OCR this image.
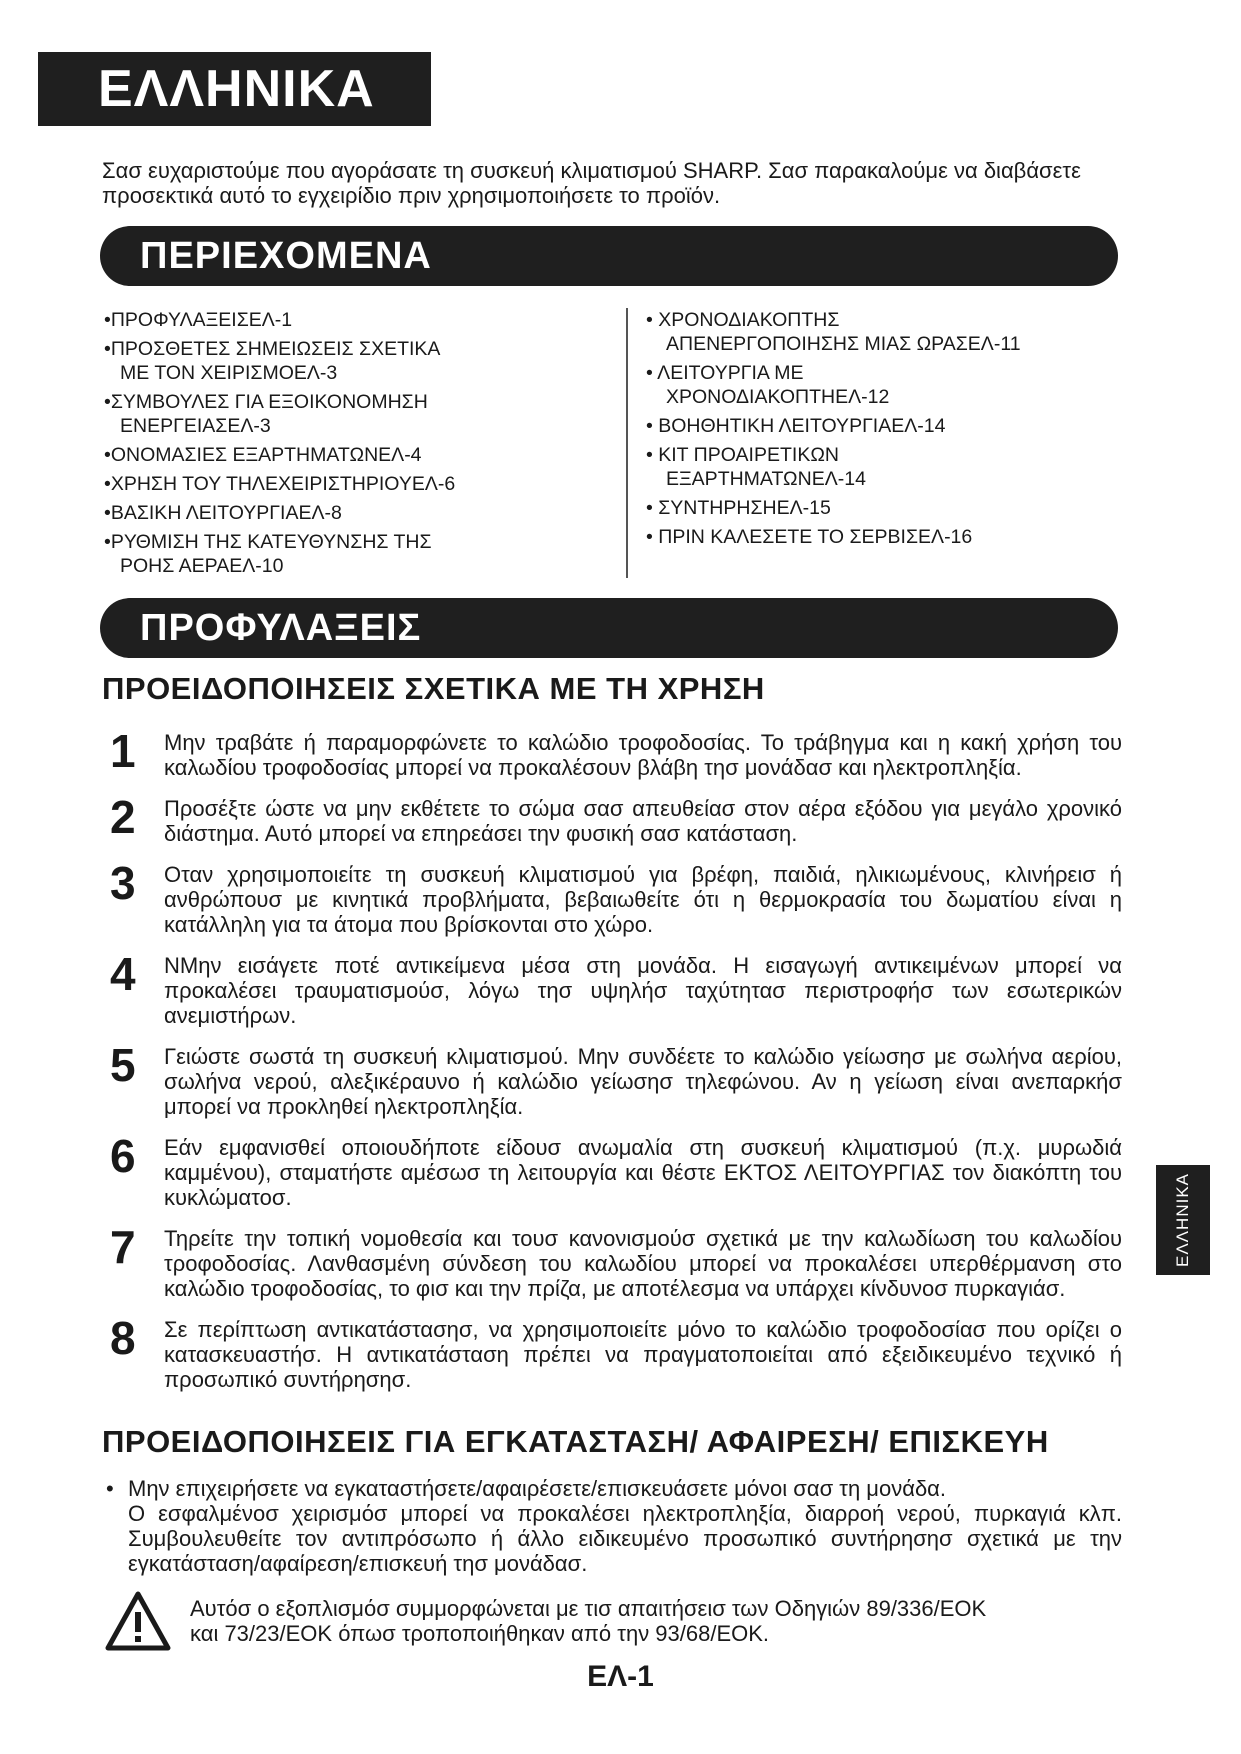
ΕΛΛΗΝΙΚΑ
Σασ ευχαριστούμε που αγοράσατε τη συσκευή κλιματισμού SHARP. Σασ παρακαλούμε να διαβάσετε προσεκτικά αυτό το εγχειρίδιο πριν χρησιμοποιήσετε το προϊόν.
ΠΕΡΙΕΧΟΜΕΝΑ
•ΠΡΟΦΥΛΑΞΕΙΣ ΕΛ-1
•ΠΡΟΣΘΕΤΕΣ ΣΗΜΕΙΩΣΕΙΣ ΣΧΕΤΙΚΑ
ΜΕ ΤΟΝ ΧΕΙΡΙΣΜΟ ΕΛ-3
•ΣΥΜΒΟΥΛΕΣ ΓΙΑ ΕΞΟΙΚΟΝΟΜΗΣΗ
ΕΝΕΡΓΕΙΑΣ ΕΛ-3
•ΟΝΟΜΑΣΙΕΣ ΕΞΑΡΤΗΜΑΤΩΝ ΕΛ-4
•ΧΡΗΣΗ ΤΟΥ ΤΗΛΕΧΕΙΡΙΣΤΗΡΙΟΥ ΕΛ-6
•ΒΑΣΙΚΗ ΛΕΙΤΟΥΡΓΙΑ ΕΛ-8
•ΡΥΘΜΙΣΗ ΤΗΣ ΚΑΤΕΥΘΥΝΣΗΣ ΤΗΣ
ΡΟΗΣ ΑΕΡΑ ΕΛ-10
• ΧΡΟΝΟΔΙΑΚΟΠΤΗΣ
ΑΠΕΝΕΡΓΟΠΟΙΗΣΗΣ ΜΙΑΣ ΩΡΑΣ ΕΛ-11
• ΛΕΙΤΟΥΡΓΙΑ ΜΕ
ΧΡΟΝΟΔΙΑΚΟΠΤΗ ΕΛ-12
• ΒΟΗΘΗΤΙΚΗ ΛΕΙΤΟΥΡΓΙΑ ΕΛ-14
• ΚΙΤ ΠΡΟΑΙΡΕΤΙΚΩΝ
ΕΞΑΡΤΗΜΑΤΩΝ ΕΛ-14
• ΣΥΝΤΗΡΗΣΗ ΕΛ-15
• ΠΡΙΝ ΚΑΛΕΣΕΤΕ ΤΟ ΣΕΡΒΙΣ ΕΛ-16
ΠΡΟΦΥΛΑΞΕΙΣ
ΠΡΟΕΙΔΟΠΟΙΗΣΕΙΣ ΣΧΕΤΙΚΑ ΜΕ ΤΗ ΧΡΗΣΗ
1	Μην τραβάτε ή παραμορφώνετε το καλώδιο τροφοδοσίας. Το τράβηγμα και η κακή χρήση του καλωδίου τροφοδοσίας μπορεί να προκαλέσουν βλάβη τησ μονάδασ και ηλεκτροπληξία.
2	Προσέξτε ώστε να μην εκθέτετε το σώμα σασ απευθείασ στον αέρα εξόδου για μεγάλο χρονικό διάστημα. Αυτό μπορεί να επηρεάσει την φυσική σασ κατάσταση.
3	Οταν χρησιμοποιείτε τη συσκευή κλιματισμού για βρέφη, παιδιά, ηλικιωμένους, κλινήρεισ ή ανθρώπουσ με κινητικά προβλήματα, βεβαιωθείτε ότι η θερμοκρασία του δωματίου είναι η κατάλληλη για τα άτομα που βρίσκονται στο χώρο.
4	ΝΜην εισάγετε ποτέ αντικείμενα μέσα στη μονάδα. Η εισαγωγή αντικειμένων μπορεί να προκαλέσει τραυματισμούσ, λόγω τησ υψηλήσ ταχύτητασ περιστροφήσ των εσωτερικών ανεμιστήρων.
5	Γειώστε σωστά τη συσκευή κλιματισμού. Μην συνδέετε το καλώδιο γείωσησ με σωλήνα αερίου, σωλήνα νερού, αλεξικέραυνο ή καλώδιο γείωσησ τηλεφώνου. Αν η γείωση είναι ανεπαρκήσ μπορεί να προκληθεί ηλεκτροπληξία.
6	Εάν εμφανισθεί οποιουδήποτε είδουσ ανωμαλία στη συσκευή κλιματισμού (π.χ. μυρωδιά καμμένου), σταματήστε αμέσωσ τη λειτουργία και θέστε ΕΚΤΟΣ ΛΕΙΤΟΥΡΓΙΑΣ τον διακόπτη του κυκλώματοσ.
7	Τηρείτε την τοπική νομοθεσία και τουσ κανονισμούσ σχετικά με την καλωδίωση του καλωδίου τροφοδοσίας. Λανθασμένη σύνδεση του καλωδίου μπορεί να προκαλέσει υπερθέρμανση στο καλώδιο τροφοδοσίας, το φισ και την πρίζα, με αποτέλεσμα να υπάρχει κίνδυνοσ πυρκαγιάσ.
8	Σε περίπτωση αντικατάστασησ, να χρησιμοποιείτε μόνο το καλώδιο τροφοδοσίασ που ορίζει ο κατασκευαστήσ. Η αντικατάσταση πρέπει να πραγματοποιείται από εξειδικευμένο τεχνικό ή προσωπικό συντήρησησ.
ΠΡΟΕΙΔΟΠΟΙΗΣΕΙΣ ΓΙΑ ΕΓΚΑΤΑΣΤΑΣΗ/ ΑΦΑΙΡΕΣΗ/ ΕΠΙΣΚΕΥΗ
• Μην επιχειρήσετε να εγκαταστήσετε/αφαιρέσετε/επισκευάσετε μόνοι σασ τη μονάδα.
Ο εσφαλμένοσ χειρισμόσ μπορεί να προκαλέσει ηλεκτροπληξία, διαρροή νερού, πυρκαγιά κλπ. Συμβουλευθείτε τον αντιπρόσωπο ή άλλο ειδικευμένο προσωπικό συντήρησησ σχετικά με την εγκατάσταση/αφαίρεση/επισκευή τησ μονάδασ.
Αυτόσ ο εξοπλισμόσ συμμορφώνεται με τισ απαιτήσεισ των Οδηγιών 89/336/ΕΟΚ
και 73/23/ΕΟΚ όπωσ τροποποιήθηκαν από την 93/68/ΕΟΚ.
ΕΛ-1
ΕΛΛΗΝΙΚΑ
